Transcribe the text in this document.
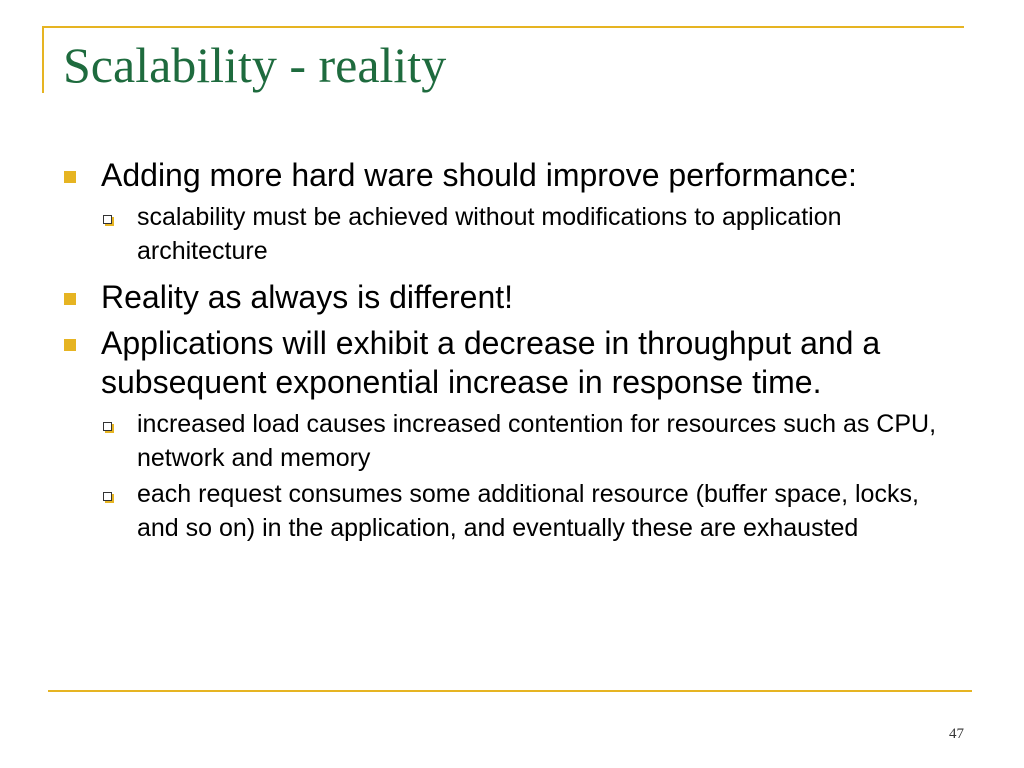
Scalability - reality
Adding more hard ware should improve performance:
scalability must be achieved without modifications to application architecture
Reality as always is different!
Applications will exhibit a decrease in throughput and a subsequent exponential increase in response time.
increased load causes increased contention for resources such as CPU, network and memory
each request consumes some additional resource (buffer space, locks, and so on) in the application, and eventually these are exhausted
47
